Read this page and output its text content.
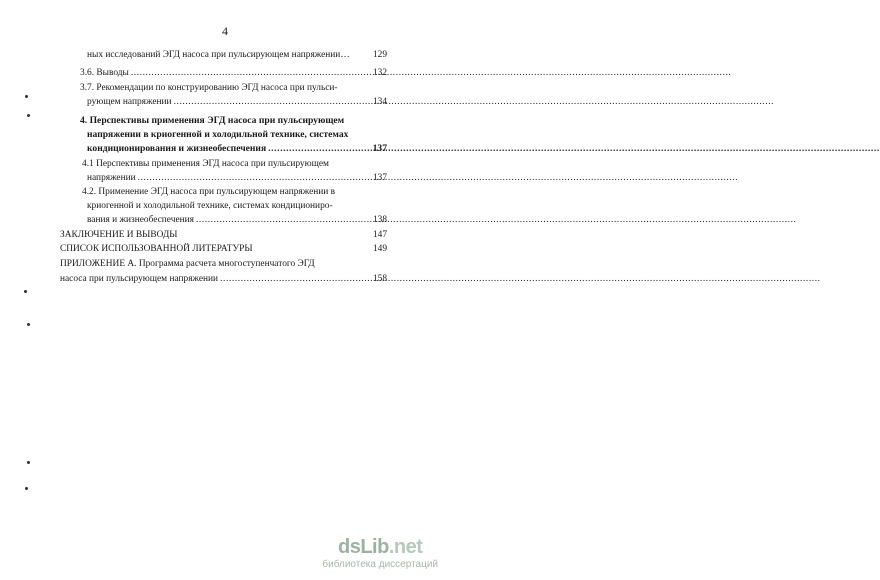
4
ных исследований ЭГД насоса при пульсирующем напряжении…	129
3.6. Выводы .....	132
3.7. Рекомендации по конструированию ЭГД насоса при пульси-
рующем напряжении .....	134
4. Перспективы применения ЭГД насоса при пульсирующем
напряжении в криогенной и холодильной технике, системах
кондиционирования и жизнеобеспечения .....	137
4.1 Перспективы применения ЭГД насоса при пульсирующем
напряжении .....	137
4.2. Применение ЭГД насоса при пульсирующем напряжении в
криогенной и холодильной технике, системах кондициониро-
вания и жизнеобеспечения .....	138
ЗАКЛЮЧЕНИЕ И ВЫВОДЫ	147
СПИСОК ИСПОЛЬЗОВАННОЙ ЛИТЕРАТУРЫ	149
ПРИЛОЖЕНИЕ А. Программа расчета многоступенчатого ЭГД
насоса при пульсирующем напряжении .....	158
dsLib.net
библиотека диссертаций
